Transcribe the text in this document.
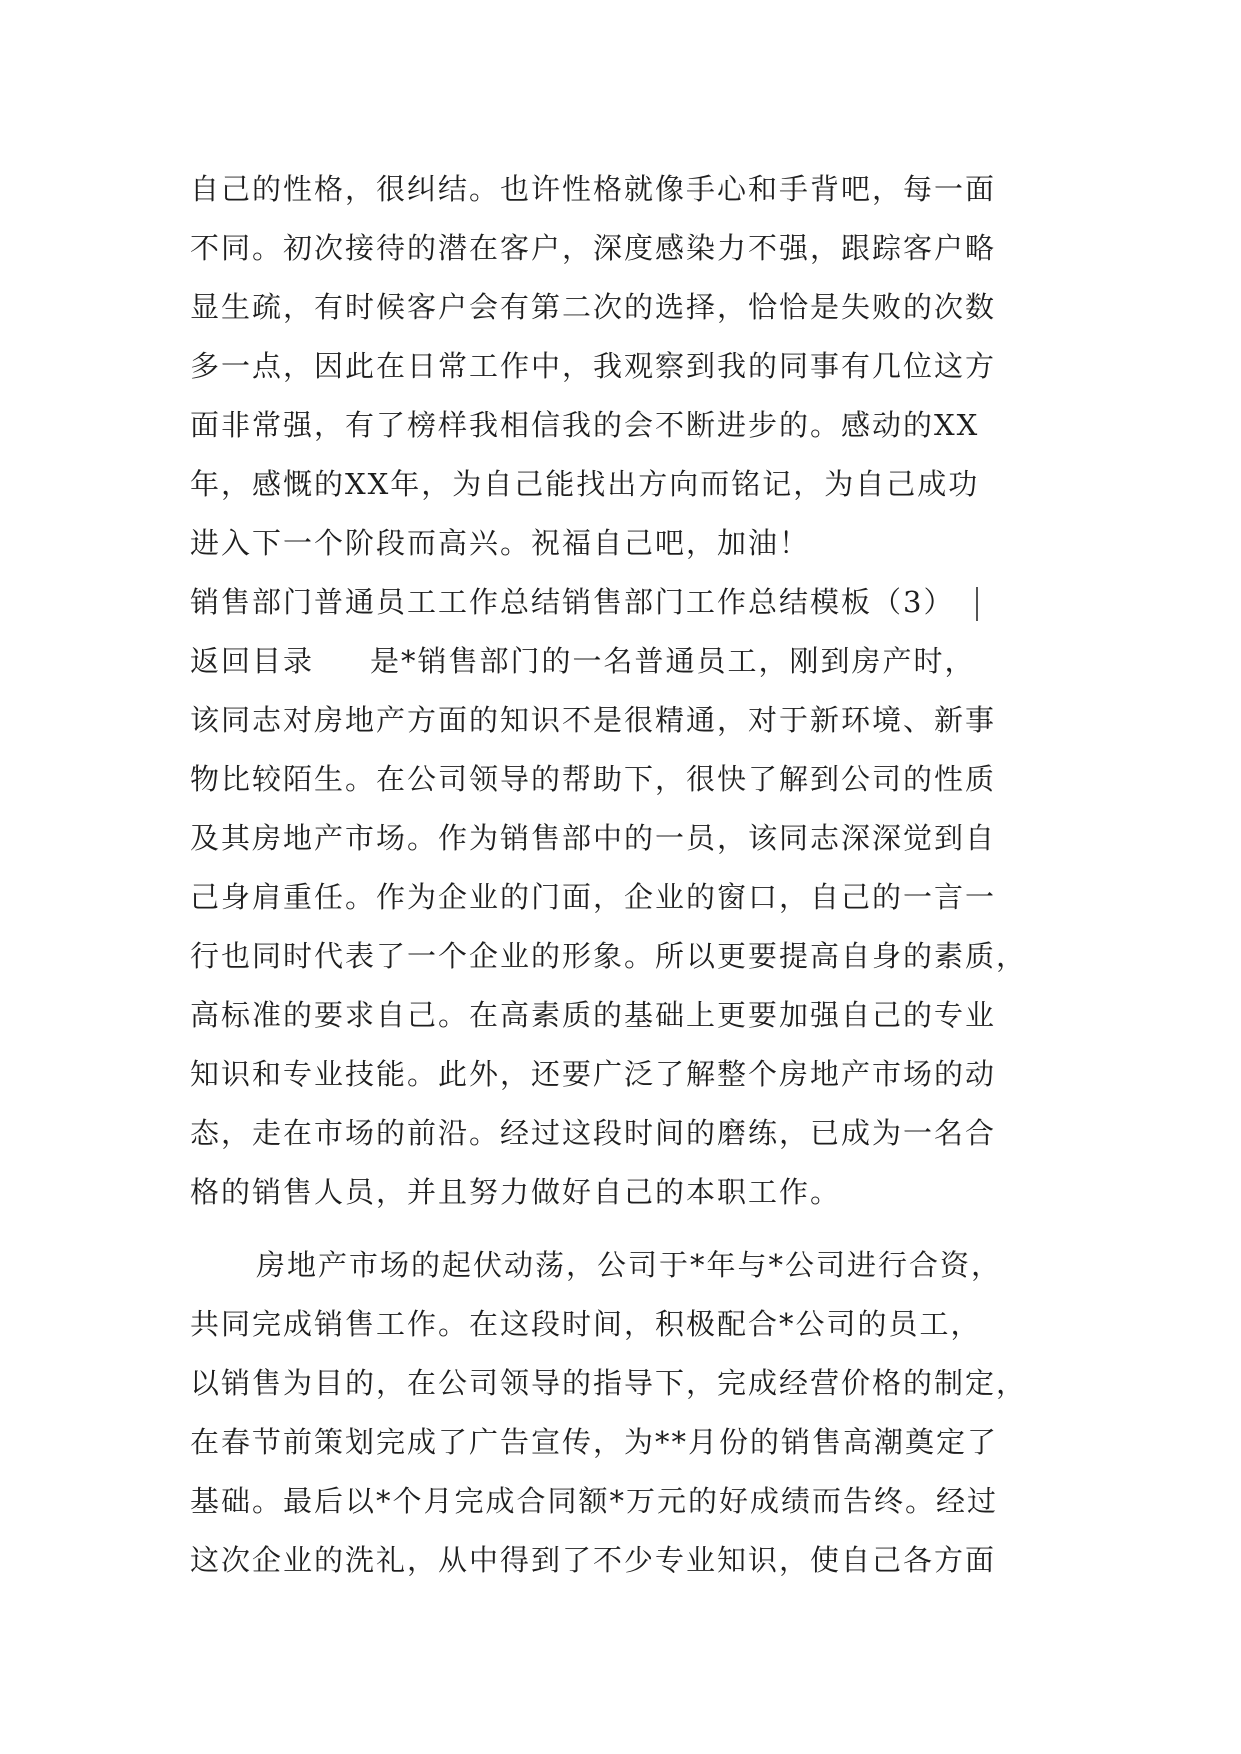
自己的性格，很纠结。也许性格就像手心和手背吧，每一面
不同。初次接待的潜在客户，深度感染力不强，跟踪客户略
显生疏，有时候客户会有第二次的选择，恰恰是失败的次数
多一点，因此在日常工作中，我观察到我的同事有几位这方
面非常强，有了榜样我相信我的会不断进步的。感动的XX
年，感慨的XX年，为自己能找出方向而铭记，为自己成功
进入下一个阶段而高兴。祝福自己吧，加油！
销售部门普通员工工作总结销售部门工作总结模板（3）
返回目录 是*销售部门的一名普通员工，刚到房产时，
该同志对房地产方面的知识不是很精通，对于新环境、新事
物比较陌生。在公司领导的帮助下，很快了解到公司的性质
及其房地产市场。作为销售部中的一员，该同志深深觉到自
己身肩重任。作为企业的门面，企业的窗口，自己的一言一
行也同时代表了一个企业的形象。所以更要提高自身的素质，
高标准的要求自己。在高素质的基础上更要加强自己的专业
知识和专业技能。此外，还要广泛了解整个房地产市场的动
态，走在市场的前沿。经过这段时间的磨练，已成为一名合
格的销售人员，并且努力做好自己的本职工作。
房地产市场的起伏动荡，公司于*年与*公司进行合资，
共同完成销售工作。在这段时间，积极配合*公司的员工，
以销售为目的，在公司领导的指导下，完成经营价格的制定，
在春节前策划完成了广告宣传，为**月份的销售高潮奠定了
基础。最后以*个月完成合同额*万元的好成绩而告终。经过
这次企业的洗礼，从中得到了不少专业知识，使自己各方面
